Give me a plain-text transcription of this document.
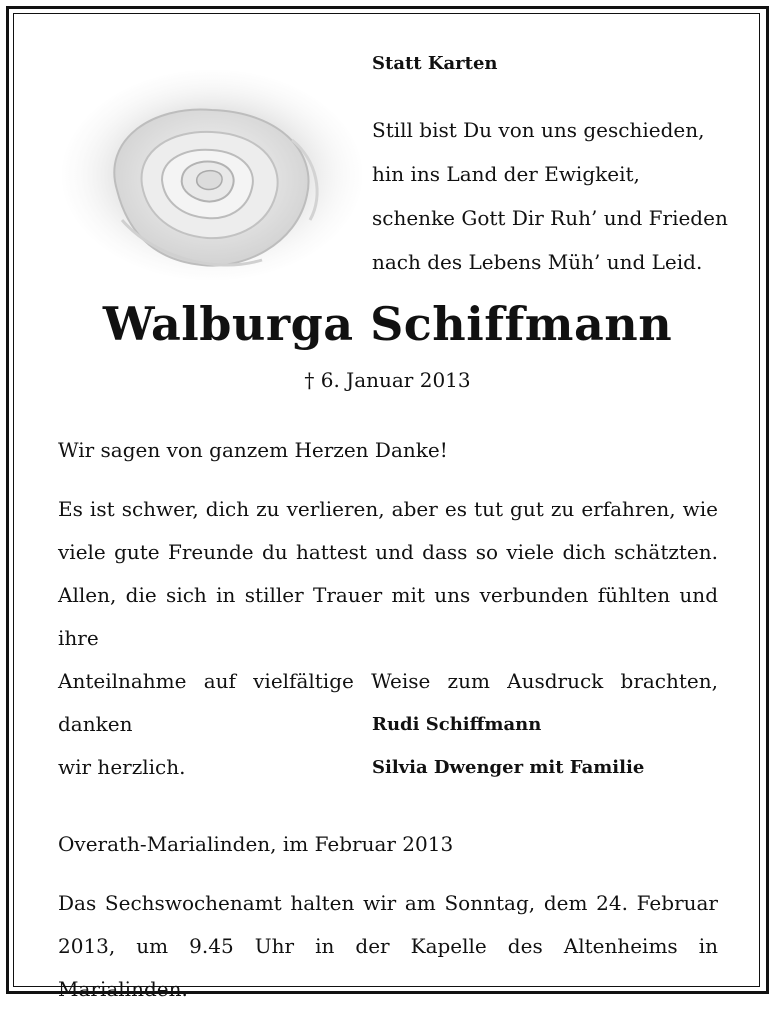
Statt Karten
Still bist Du von uns geschieden,
hin ins Land der Ewigkeit,
schenke Gott Dir Ruh’ und Frieden
nach des Lebens Müh’ und Leid.
Walburga Schiffmann
† 6. Januar 2013
Wir sagen von ganzem Herzen Danke!
Es ist schwer, dich zu verlieren, aber es tut gut zu erfahren, wie
viele gute Freunde du hattest und dass so viele dich schätzten.
Allen, die sich in stiller Trauer mit uns verbunden fühlten und ihre
Anteilnahme auf vielfältige Weise zum Ausdruck brachten, danken
wir herzlich.
Rudi Schiffmann
Silvia Dwenger mit Familie
Overath-Marialinden, im Februar 2013
Das Sechswochenamt halten wir am Sonntag, dem 24. Februar
2013, um 9.45 Uhr in der Kapelle des Altenheims in Marialinden.
